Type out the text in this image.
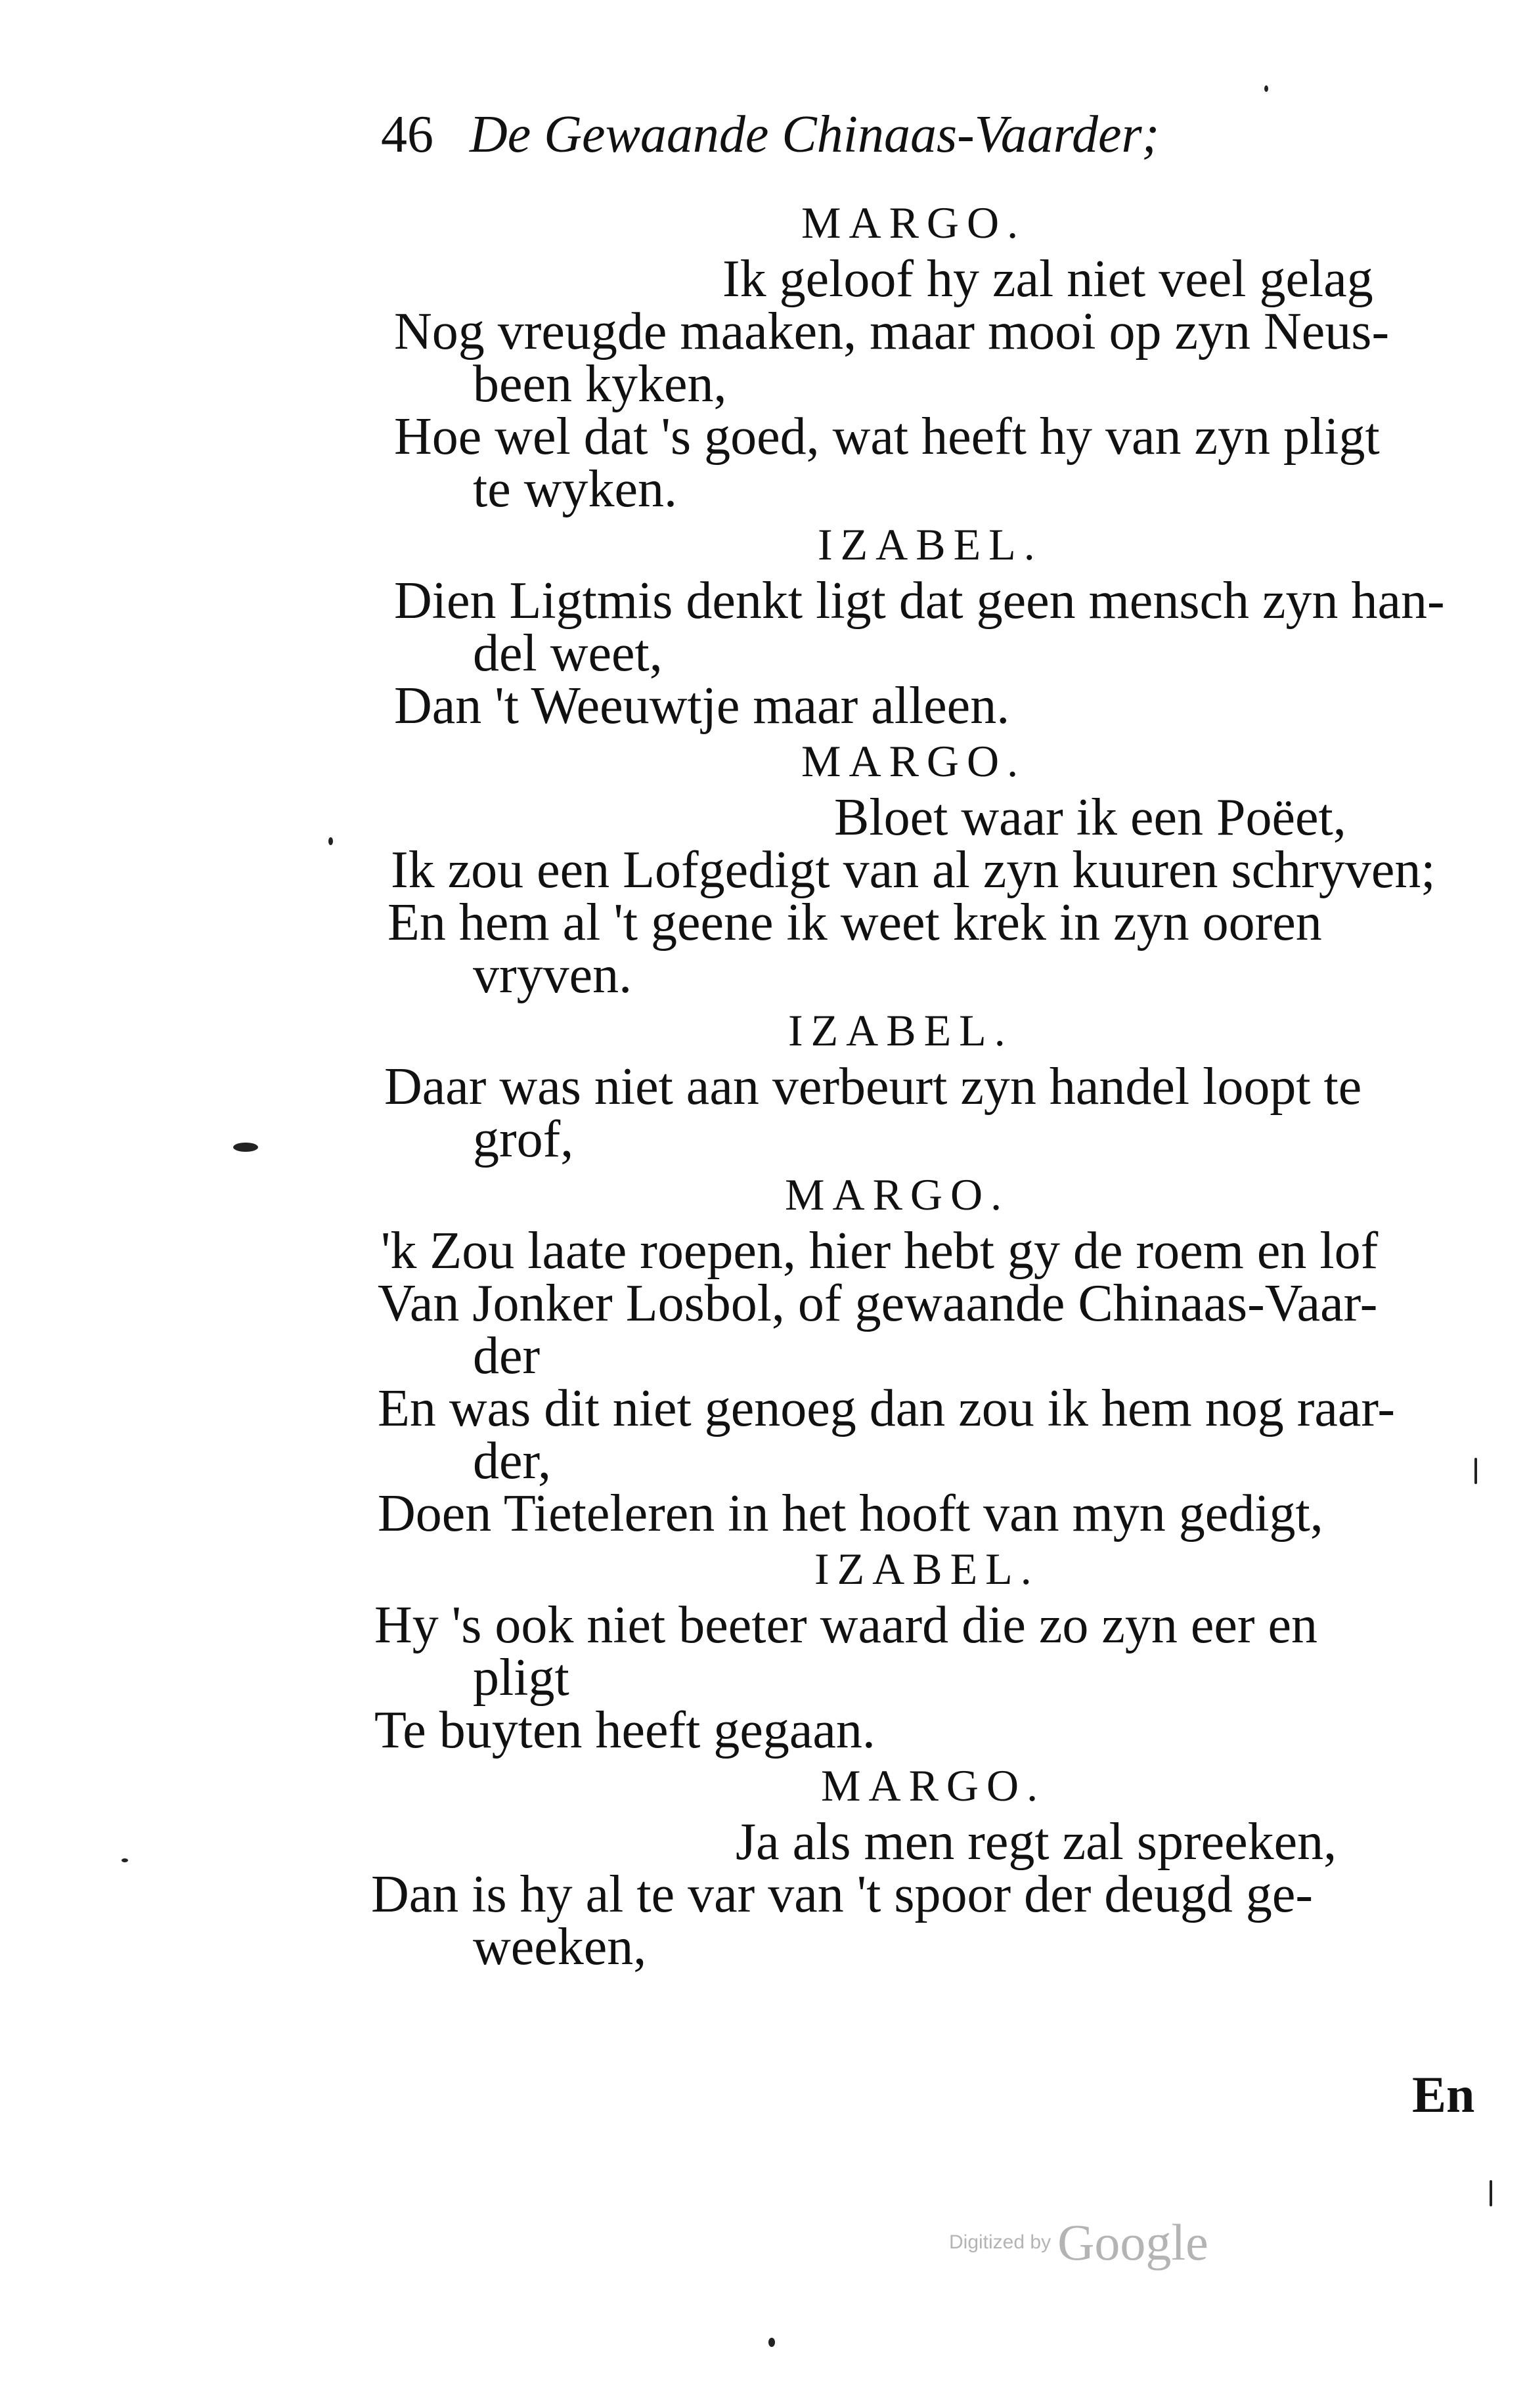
46 De Gewaande Chinaas-Vaarder;
MARGO.
Ik geloof hy zal niet veel gelag
Nog vreugde maaken, maar mooi op zyn Neus-
been kyken,
Hoe wel dat 's goed, wat heeft hy van zyn pligt
te wyken.
IZABEL.
Dien Ligtmis denkt ligt dat geen mensch zyn han-
del weet,
Dan 't Weeuwtje maar alleen.
MARGO.
Bloet waar ik een Poëet,
Ik zou een Lofgedigt van al zyn kuuren schryven;
En hem al 't geene ik weet krek in zyn ooren
vryven.
IZABEL.
Daar was niet aan verbeurt zyn handel loopt te
grof,
MARGO.
'k Zou laate roepen, hier hebt gy de roem en lof
Van Jonker Losbol, of gewaande Chinaas-Vaar-
der
En was dit niet genoeg dan zou ik hem nog raar-
der,
Doen Tieteleren in het hooft van myn gedigt,
IZABEL.
Hy 's ook niet beeter waard die zo zyn eer en
pligt
Te buyten heeft gegaan.
MARGO.
Ja als men regt zal spreeken,
Dan is hy al te var van 't spoor der deugd ge-
weeken,
En
Digitized by Google
